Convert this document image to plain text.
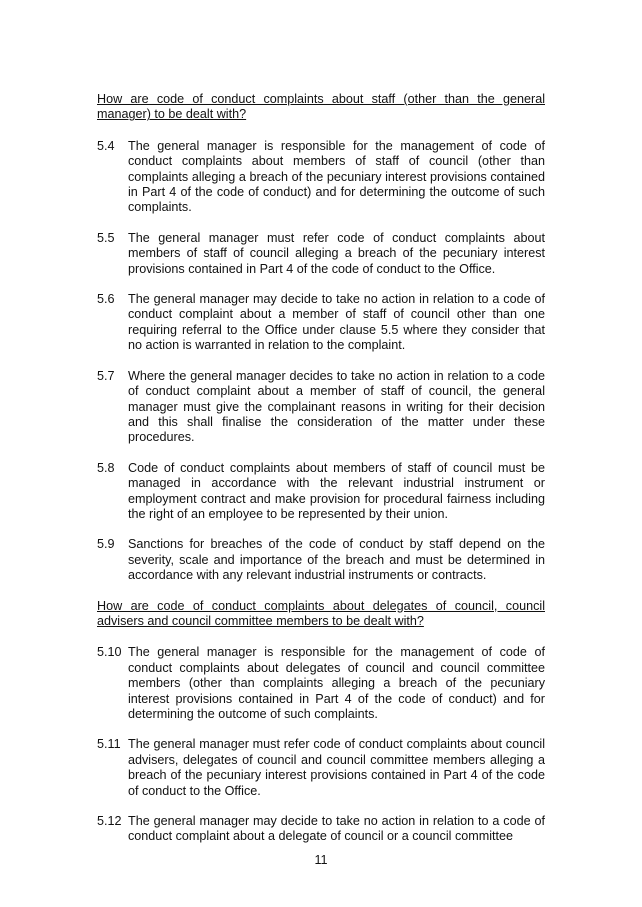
How are code of conduct complaints about staff (other than the general manager) to be dealt with?
5.4	The general manager is responsible for the management of code of conduct complaints about members of staff of council (other than complaints alleging a breach of the pecuniary interest provisions contained in Part 4 of the code of conduct) and for determining the outcome of such complaints.
5.5	The general manager must refer code of conduct complaints about members of staff of council alleging a breach of the pecuniary interest provisions contained in Part 4 of the code of conduct to the Office.
5.6	The general manager may decide to take no action in relation to a code of conduct complaint about a member of staff of council other than one requiring referral to the Office under clause 5.5 where they consider that no action is warranted in relation to the complaint.
5.7	Where the general manager decides to take no action in relation to a code of conduct complaint about a member of staff of council, the general manager must give the complainant reasons in writing for their decision and this shall finalise the consideration of the matter under these procedures.
5.8	Code of conduct complaints about members of staff of council must be managed in accordance with the relevant industrial instrument or employment contract and make provision for procedural fairness including the right of an employee to be represented by their union.
5.9	Sanctions for breaches of the code of conduct by staff depend on the severity, scale and importance of the breach and must be determined in accordance with any relevant industrial instruments or contracts.
How are code of conduct complaints about delegates of council, council advisers and council committee members to be dealt with?
5.10 The general manager is responsible for the management of code of conduct complaints about delegates of council and council committee members (other than complaints alleging a breach of the pecuniary interest provisions contained in Part 4 of the code of conduct) and for determining the outcome of such complaints.
5.11 The general manager must refer code of conduct complaints about council advisers, delegates of council and council committee members alleging a breach of the pecuniary interest provisions contained in Part 4 of the code of conduct to the Office.
5.12 The general manager may decide to take no action in relation to a code of conduct complaint about a delegate of council or a council committee
11
